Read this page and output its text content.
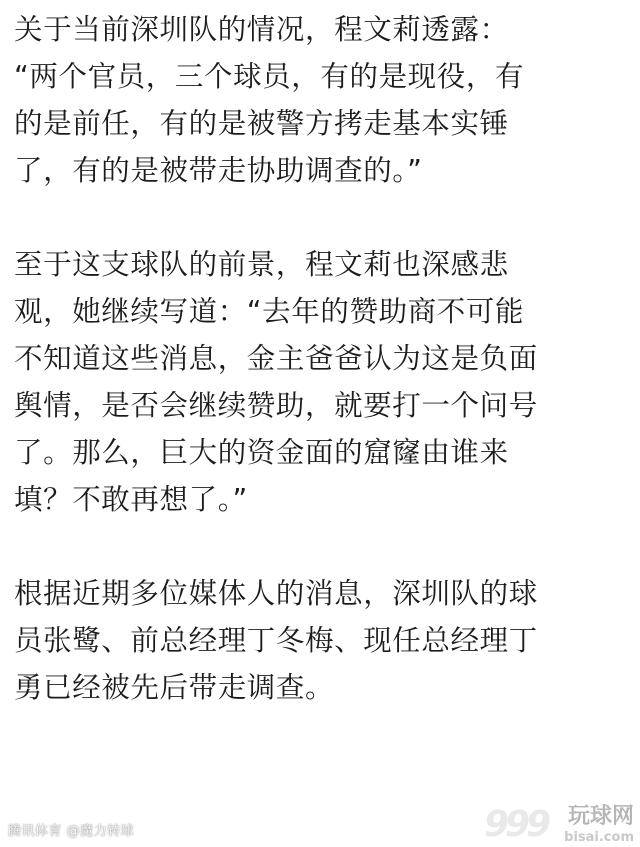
关于当前深圳队的情况，程文莉透露：
“两个官员，三个球员，有的是现役，有
的是前任，有的是被警方拷走基本实锤
了，有的是被带走协助调查的。”
至于这支球队的前景，程文莉也深感悲
观，她继续写道：“去年的赞助商不可能
不知道这些消息，金主爸爸认为这是负面
舆情，是否会继续赞助，就要打一个问号
了。那么，巨大的资金面的窟窿由谁来
填？不敢再想了。”
根据近期多位媒体人的消息，深圳队的球
员张鹭、前总经理丁冬梅、现任总经理丁
勇已经被先后带走调查。
腾讯体育 @魔力转球	999 玩球网
bisai.com
